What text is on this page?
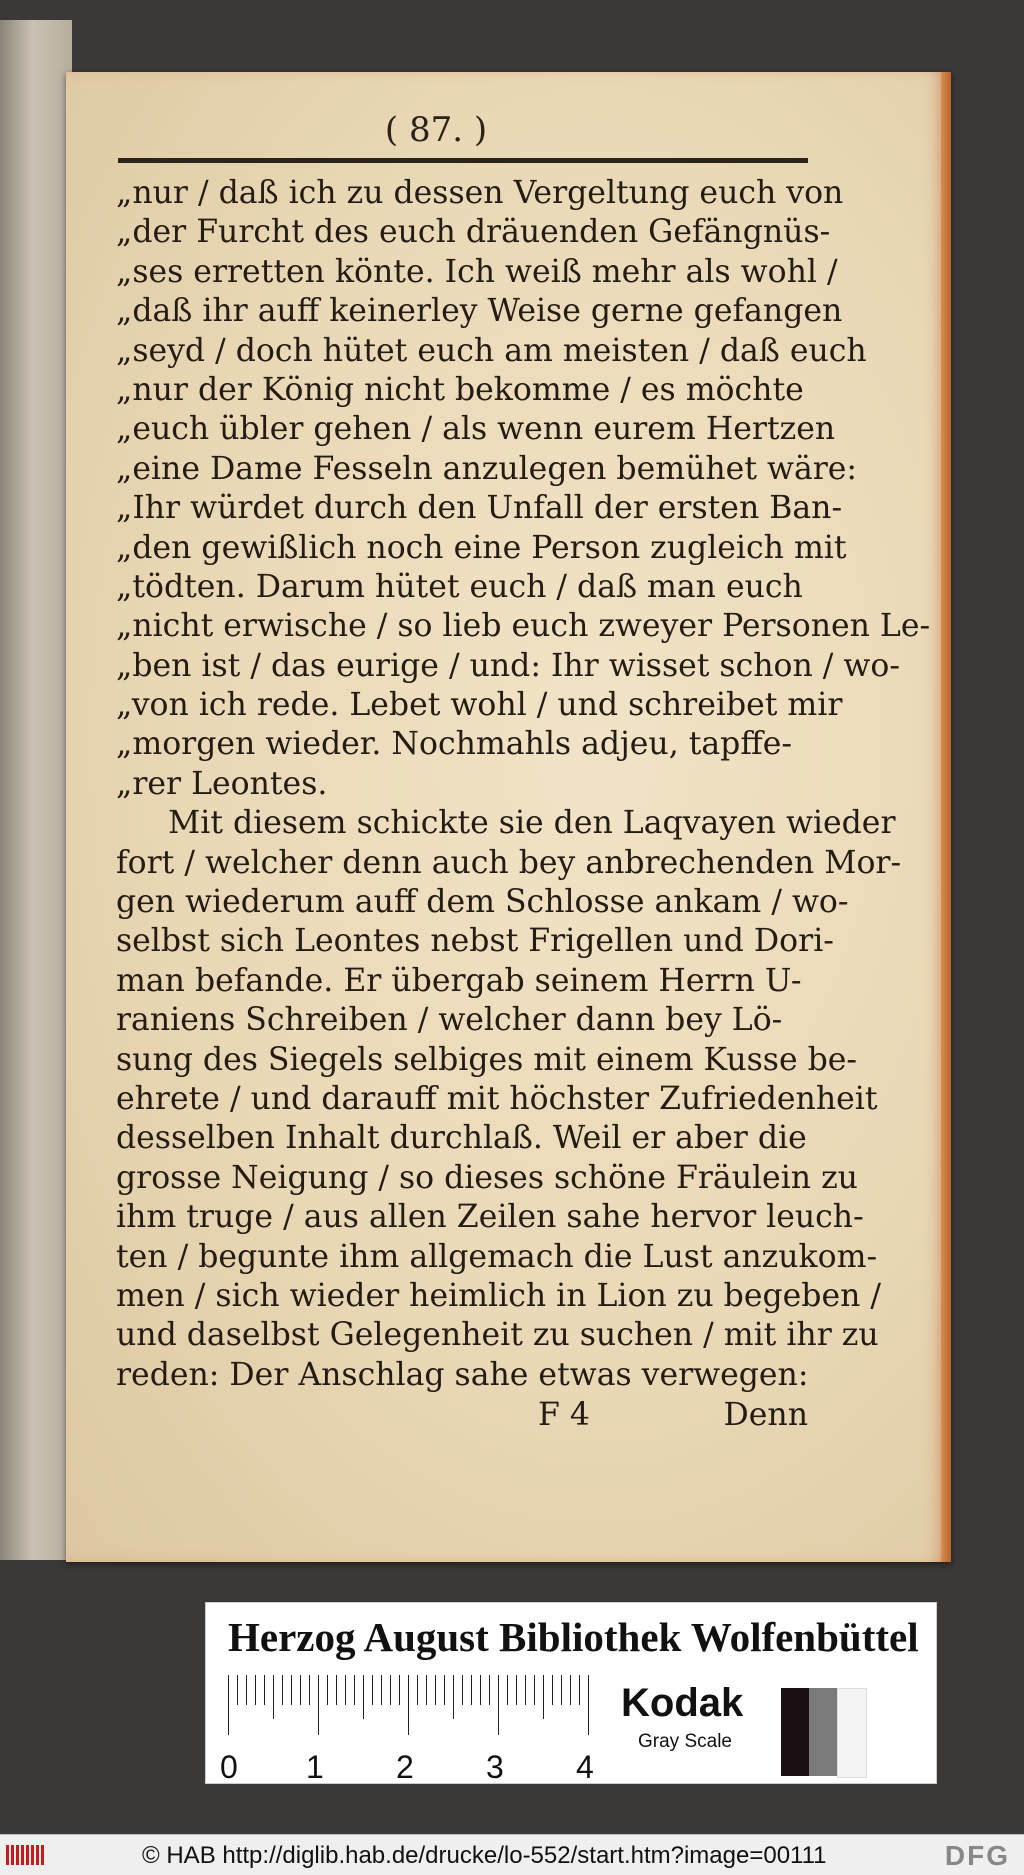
( 87. )
„nur / daß ich zu dessen Vergeltung euch von
„der Furcht des euch dräuenden Gefängnüs-
„ses erretten könte. Ich weiß mehr als wohl /
„daß ihr auff keinerley Weise gerne gefangen
„seyd / doch hütet euch am meisten / daß euch
„nur der König nicht bekomme / es möchte
„euch übler gehen / als wenn eurem Hertzen
„eine Dame Fesseln anzulegen bemühet wäre:
„Ihr würdet durch den Unfall der ersten Ban-
„den gewißlich noch eine Person zugleich mit
„tödten. Darum hütet euch / daß man euch
„nicht erwische / so lieb euch zweyer Personen Le-
„ben ist / das eurige / und: Ihr wisset schon / wo-
„von ich rede. Lebet wohl / und schreibet mir
„morgen wieder. Nochmahls adjeu, tapffe-
„rer Leontes.
Mit diesem schickte sie den Laqvayen wieder
fort / welcher denn auch bey anbrechenden Mor-
gen wiederum auff dem Schlosse ankam / wo-
selbst sich Leontes nebst Frigellen und Dori-
man befande. Er übergab seinem Herrn U-
raniens Schreiben / welcher dann bey Lö-
sung des Siegels selbiges mit einem Kusse be-
ehrete / und darauff mit höchster Zufriedenheit
desselben Inhalt durchlaß. Weil er aber die
grosse Neigung / so dieses schöne Fräulein zu
ihm truge / aus allen Zeilen sahe hervor leuch-
ten / begunte ihm allgemach die Lust anzukom-
men / sich wieder heimlich in Lion zu begeben /
und daselbst Gelegenheit zu suchen / mit ihr zu
reden: Der Anschlag sahe etwas verwegen:
F 4	Denn
Herzog August Bibliothek Wolfenbüttel
0 1 2 3 4
Kodak
Gray Scale
© HAB http://diglib.hab.de/drucke/lo-552/start.htm?image=00111	DFG
